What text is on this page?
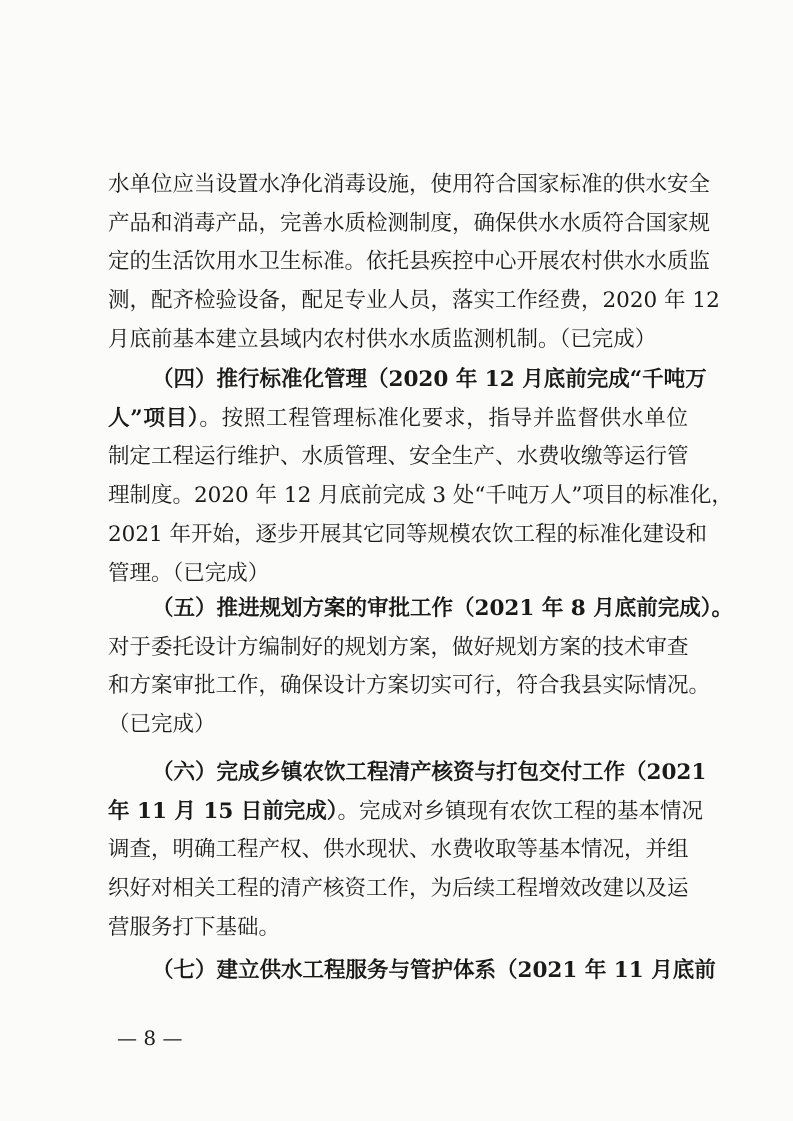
水单位应当设置水净化消毒设施，使用符合国家标准的供水安全

产品和消毒产品，完善水质检测制度，确保供水水质符合国家规

定的生活饮用水卫生标准。依托县疾控中心开展农村供水水质监

测，配齐检验设备，配足专业人员，落实工作经费，2020 年 12

月底前基本建立县域内农村供水水质监测机制。（已完成）

（四）推行标准化管理（2020 年 12 月底前完成“千吨万

人”项目）。按照工程管理标准化要求，指导并监督供水单位

制定工程运行维护、水质管理、安全生产、水费收缴等运行管

理制度。2020 年 12 月底前完成 3 处“千吨万人”项目的标准化，

2021 年开始，逐步开展其它同等规模农饮工程的标准化建设和

管理。（已完成）

（五）推进规划方案的审批工作（2021 年 8 月底前完成）。

对于委托设计方编制好的规划方案，做好规划方案的技术审查

和方案审批工作，确保设计方案切实可行，符合我县实际情况。

（已完成）

（六）完成乡镇农饮工程清产核资与打包交付工作（2021

年 11 月 15 日前完成）。完成对乡镇现有农饮工程的基本情况

调查，明确工程产权、供水现状、水费收取等基本情况，并组

织好对相关工程的清产核资工作，为后续工程增效改建以及运

营服务打下基础。

（七）建立供水工程服务与管护体系（2021 年 11 月底前

— 8 —
